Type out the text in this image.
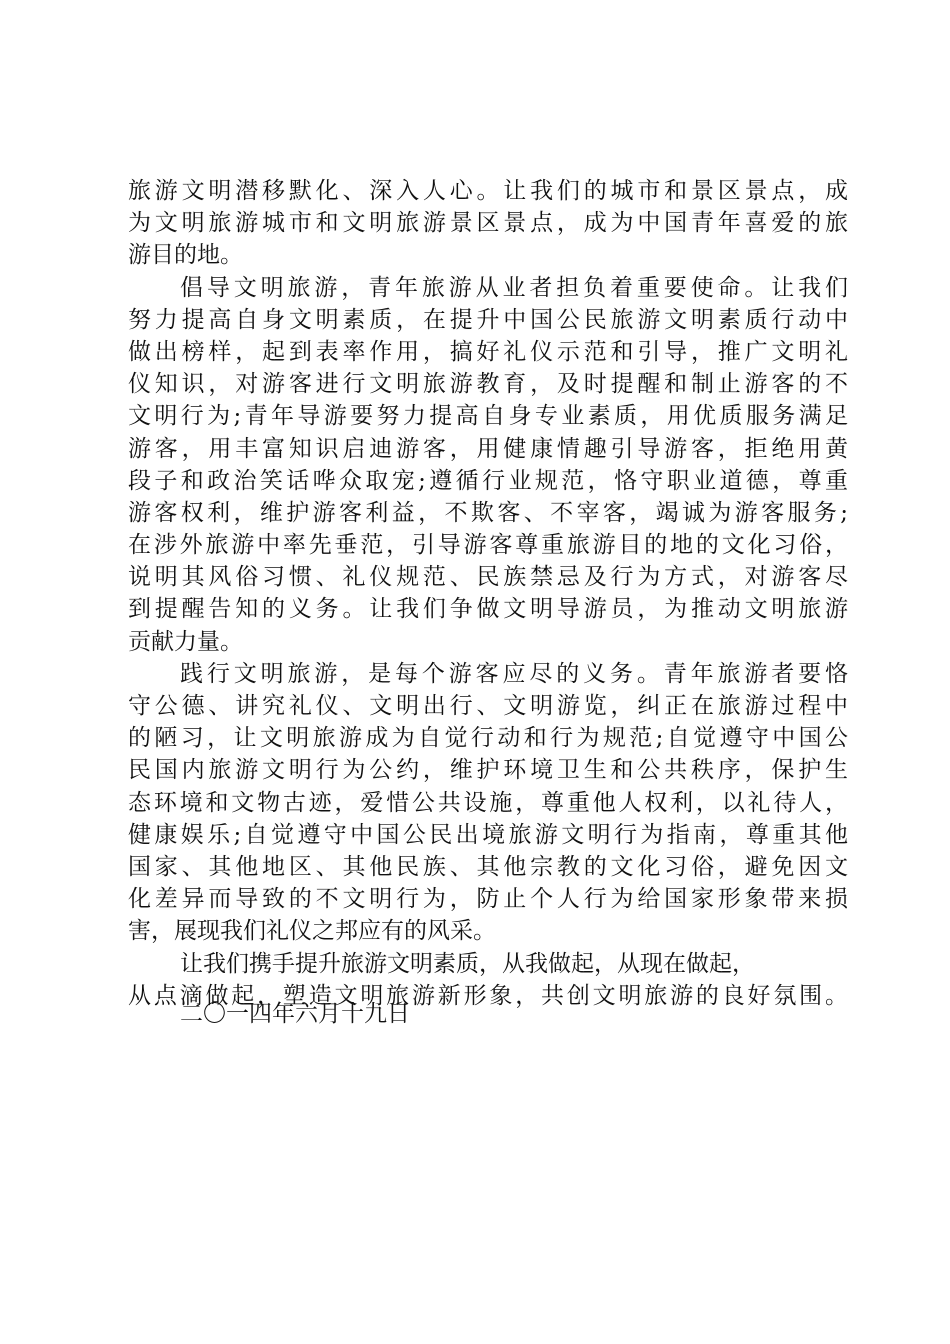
旅游文明潜移默化、深入人心。让我们的城市和景区景点，成
为文明旅游城市和文明旅游景区景点，成为中国青年喜爱的旅
游目的地。
倡导文明旅游，青年旅游从业者担负着重要使命。让我们
努力提高自身文明素质，在提升中国公民旅游文明素质行动中
做出榜样，起到表率作用，搞好礼仪示范和引导，推广文明礼
仪知识，对游客进行文明旅游教育，及时提醒和制止游客的不
文明行为;青年导游要努力提高自身专业素质，用优质服务满足
游客，用丰富知识启迪游客，用健康情趣引导游客，拒绝用黄
段子和政治笑话哗众取宠;遵循行业规范，恪守职业道德，尊重
游客权利，维护游客利益，不欺客、不宰客，竭诚为游客服务;
在涉外旅游中率先垂范，引导游客尊重旅游目的地的文化习俗，
说明其风俗习惯、礼仪规范、民族禁忌及行为方式，对游客尽
到提醒告知的义务。让我们争做文明导游员，为推动文明旅游
贡献力量。
践行文明旅游，是每个游客应尽的义务。青年旅游者要恪
守公德、讲究礼仪、文明出行、文明游览，纠正在旅游过程中
的陋习，让文明旅游成为自觉行动和行为规范;自觉遵守中国公
民国内旅游文明行为公约，维护环境卫生和公共秩序，保护生
态环境和文物古迹，爱惜公共设施，尊重他人权利，以礼待人，
健康娱乐;自觉遵守中国公民出境旅游文明行为指南，尊重其他
国家、其他地区、其他民族、其他宗教的文化习俗，避免因文
化差异而导致的不文明行为，防止个人行为给国家形象带来损
害，展现我们礼仪之邦应有的风采。
让我们携手提升旅游文明素质，从我做起，从现在做起，
从点滴做起，塑造文明旅游新形象，共创文明旅游的良好氛围。
二〇一四年六月十九日
